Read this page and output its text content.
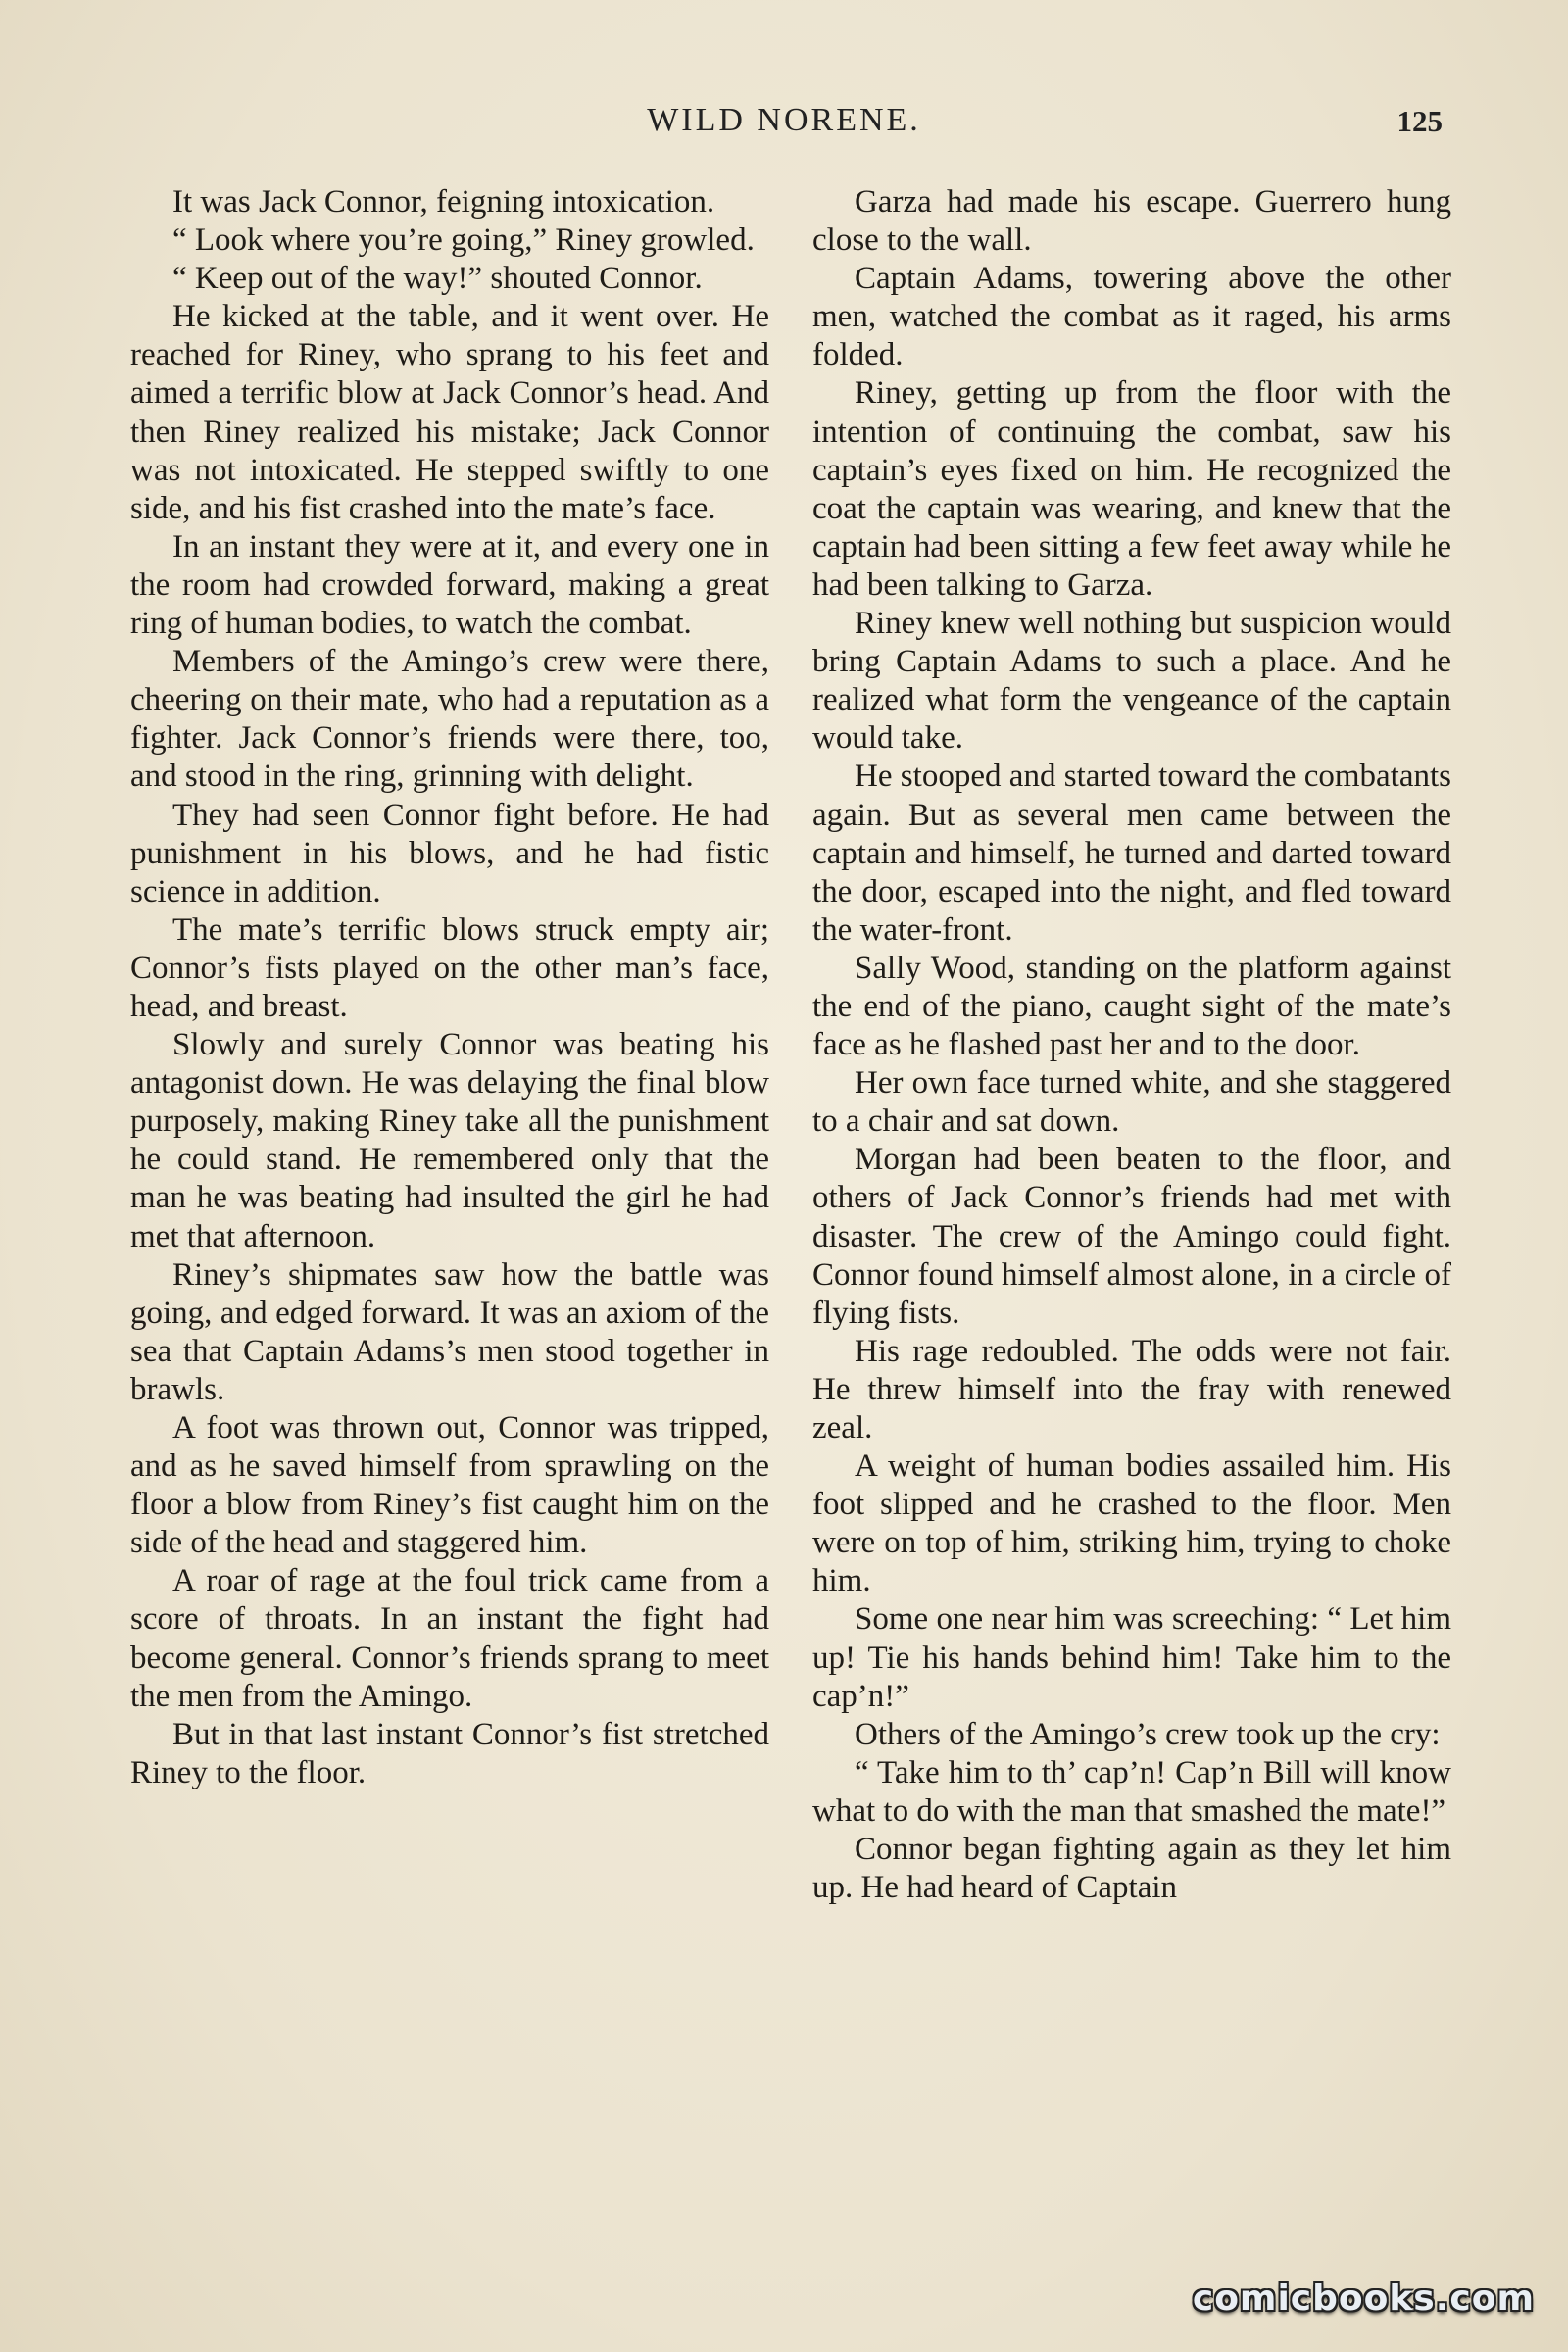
WILD NORENE.	125

It was Jack Connor, feigning intoxication.

“ Look where you’re going,” Riney growled.

“ Keep out of the way!” shouted Connor.

He kicked at the table, and it went over. He reached for Riney, who sprang to his feet and aimed a terrific blow at Jack Connor’s head. And then Riney realized his mistake; Jack Connor was not intoxicated. He stepped swiftly to one side, and his fist crashed into the mate’s face.

In an instant they were at it, and every one in the room had crowded forward, making a great ring of human bodies, to watch the combat.

Members of the Amingo’s crew were there, cheering on their mate, who had a reputation as a fighter. Jack Connor’s friends were there, too, and stood in the ring, grinning with delight.

They had seen Connor fight before. He had punishment in his blows, and he had fistic science in addition.

The mate’s terrific blows struck empty air; Connor’s fists played on the other man’s face, head, and breast.

Slowly and surely Connor was beating his antagonist down. He was delaying the final blow purposely, making Riney take all the punishment he could stand. He remembered only that the man he was beating had insulted the girl he had met that afternoon.

Riney’s shipmates saw how the battle was going, and edged forward. It was an axiom of the sea that Captain Adams’s men stood together in brawls.

A foot was thrown out, Connor was tripped, and as he saved himself from sprawling on the floor a blow from Riney’s fist caught him on the side of the head and staggered him.

A roar of rage at the foul trick came from a score of throats. In an instant the fight had become general. Connor’s friends sprang to meet the men from the Amingo.

But in that last instant Connor’s fist stretched Riney to the floor.

Garza had made his escape. Guerrero hung close to the wall.

Captain Adams, towering above the other men, watched the combat as it raged, his arms folded.

Riney, getting up from the floor with the intention of continuing the combat, saw his captain’s eyes fixed on him. He recognized the coat the captain was wearing, and knew that the captain had been sitting a few feet away while he had been talking to Garza.

Riney knew well nothing but suspicion would bring Captain Adams to such a place. And he realized what form the vengeance of the captain would take.

He stooped and started toward the combatants again. But as several men came between the captain and himself, he turned and darted toward the door, escaped into the night, and fled toward the water-front.

Sally Wood, standing on the platform against the end of the piano, caught sight of the mate’s face as he flashed past her and to the door.

Her own face turned white, and she staggered to a chair and sat down.

Morgan had been beaten to the floor, and others of Jack Connor’s friends had met with disaster. The crew of the Amingo could fight. Connor found himself almost alone, in a circle of flying fists.

His rage redoubled. The odds were not fair. He threw himself into the fray with renewed zeal.

A weight of human bodies assailed him. His foot slipped and he crashed to the floor. Men were on top of him, striking him, trying to choke him.

Some one near him was screeching: “ Let him up! Tie his hands behind him! Take him to the cap’n!”

Others of the Amingo’s crew took up the cry:

“ Take him to th’ cap’n! Cap’n Bill will know what to do with the man that smashed the mate!”

Connor began fighting again as they let him up. He had heard of Captain

comicbooks.com
